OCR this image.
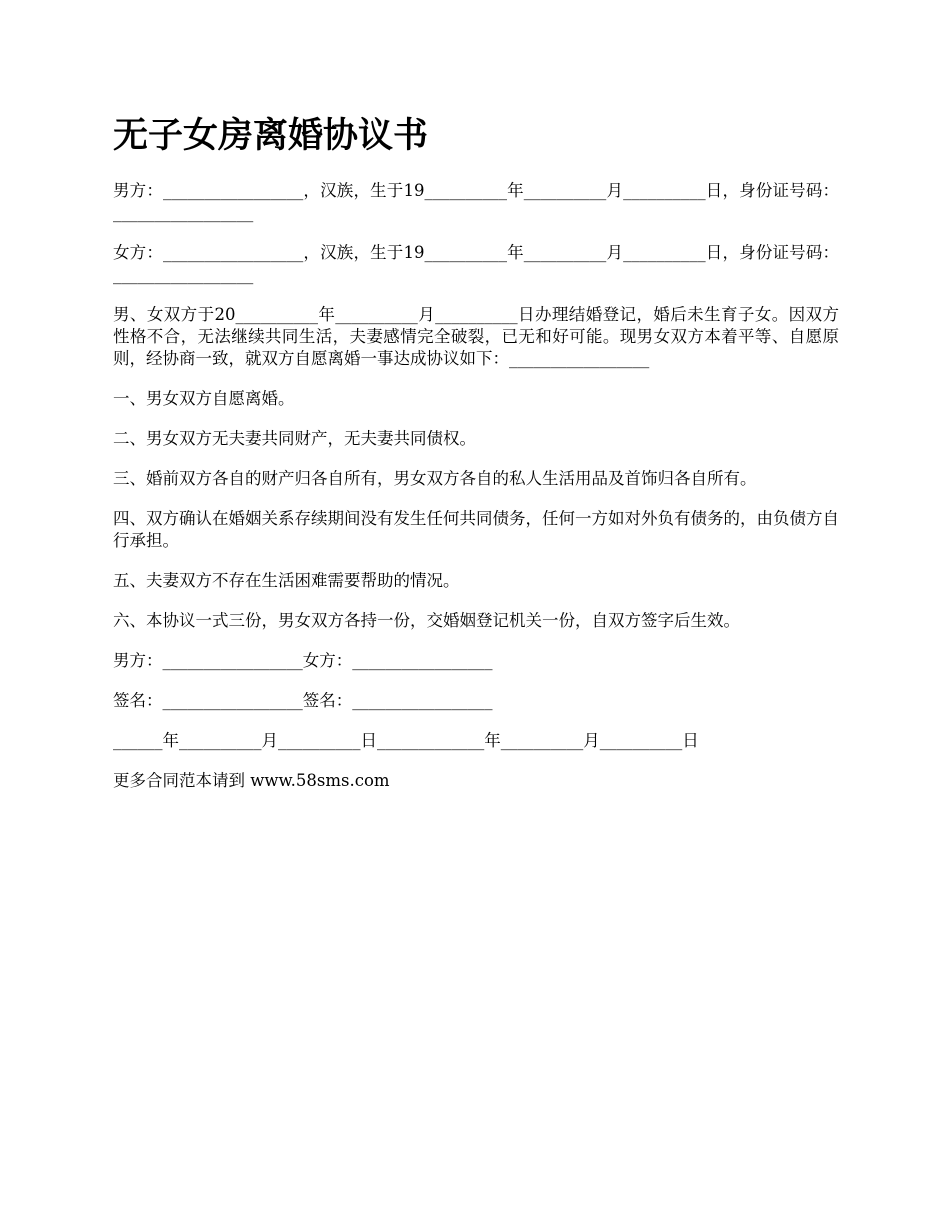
无子女房离婚协议书

男方：_________________，汉族，生于19__________年__________月__________日，身份证号码：_________________

女方：_________________，汉族，生于19__________年__________月__________日，身份证号码：_________________

男、女双方于20__________年__________月__________日办理结婚登记，婚后未生育子女。因双方性格不合，无法继续共同生活，夫妻感情完全破裂，已无和好可能。现男女双方本着平等、自愿原则，经协商一致，就双方自愿离婚一事达成协议如下：_________________

一、男女双方自愿离婚。

二、男女双方无夫妻共同财产，无夫妻共同债权。

三、婚前双方各自的财产归各自所有，男女双方各自的私人生活用品及首饰归各自所有。

四、双方确认在婚姻关系存续期间没有发生任何共同债务，任何一方如对外负有债务的，由负债方自行承担。

五、夫妻双方不存在生活困难需要帮助的情况。

六、本协议一式三份，男女双方各持一份，交婚姻登记机关一份，自双方签字后生效。

男方：_________________女方：_________________

签名：_________________签名：_________________

______年__________月__________日_____________年__________月__________日

更多合同范本请到 www.58sms.com
